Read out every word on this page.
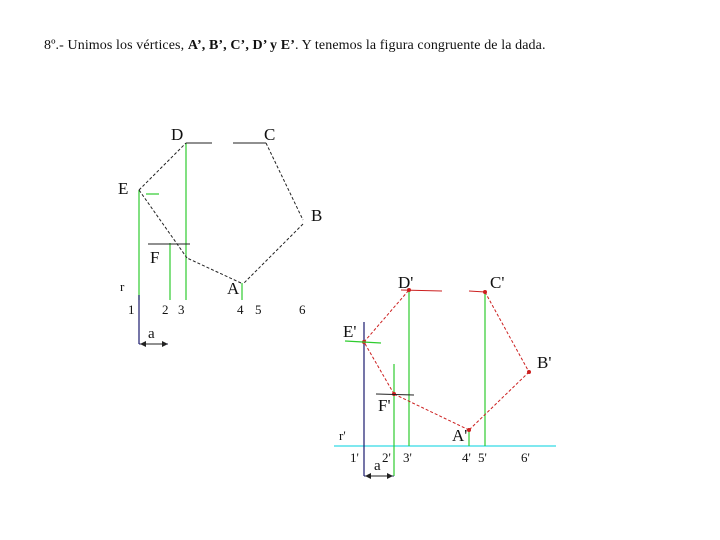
8º.- Unimos los vértices, A’, B’, C’, D’ y E’. Y tenemos la figura congruente de la dada.
D	C
E
B
F
A
r
1 2 3	4 5	6
a
D'	C'
E'
B'
F'
A'
r'
1' 2' 3'	4' 5'	6'
a
